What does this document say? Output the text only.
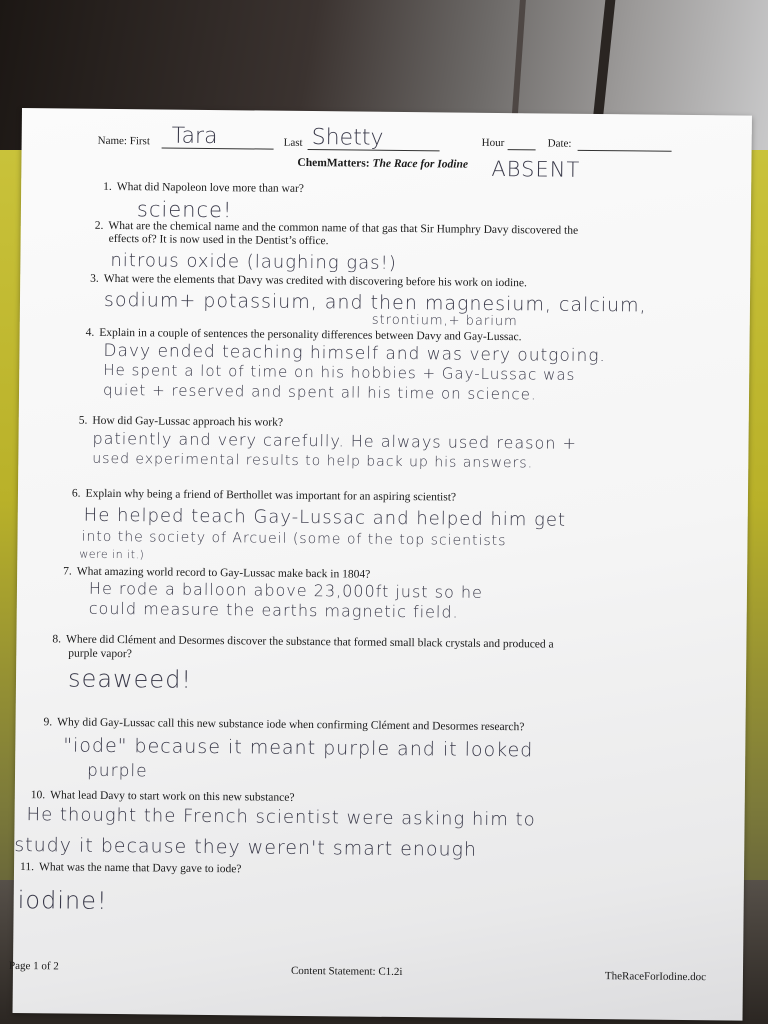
Name: First Tara	Last Shetty	Hour	Date:
ChemMatters: The Race for Iodine ABSENT
1. What did Napoleon love more than war?
science!
2. What are the chemical name and the common name of that gas that Sir Humphry Davy discovered the
effects of? It is now used in the Dentist’s office.
nitrous oxide (laughing gas!)
3. What were the elements that Davy was credited with discovering before his work on iodine.
sodium+ potassium, and then magnesium, calcium,
strontium,+ barium
4. Explain in a couple of sentences the personality differences between Davy and Gay-Lussac.
Davy ended teaching himself and was very outgoing.
He spent a lot of time on his hobbies + Gay-Lussac was
quiet + reserved and spent all his time on science.
5. How did Gay-Lussac approach his work?
patiently and very carefully. He always used reason +
used experimental results to help back up his answers.
6. Explain why being a friend of Berthollet was important for an aspiring scientist?
He helped teach Gay-Lussac and helped him get
into the society of Arcueil (some of the top scientists
were in it.)
7. What amazing world record to Gay-Lussac make back in 1804?
He rode a balloon above 23,000ft just so he
could measure the earths magnetic field.
8. Where did Clément and Desormes discover the substance that formed small black crystals and produced a
purple vapor?
seaweed!
9. Why did Gay-Lussac call this new substance iode when confirming Clément and Desormes research?
"iode" because it meant purple and it looked
purple
10. What lead Davy to start work on this new substance?
He thought the French scientist were asking him to
study it because they weren't smart enough
11. What was the name that Davy gave to iode?
iodine!
Page 1 of 2	Content Statement: C1.2i	TheRaceForIodine.doc
